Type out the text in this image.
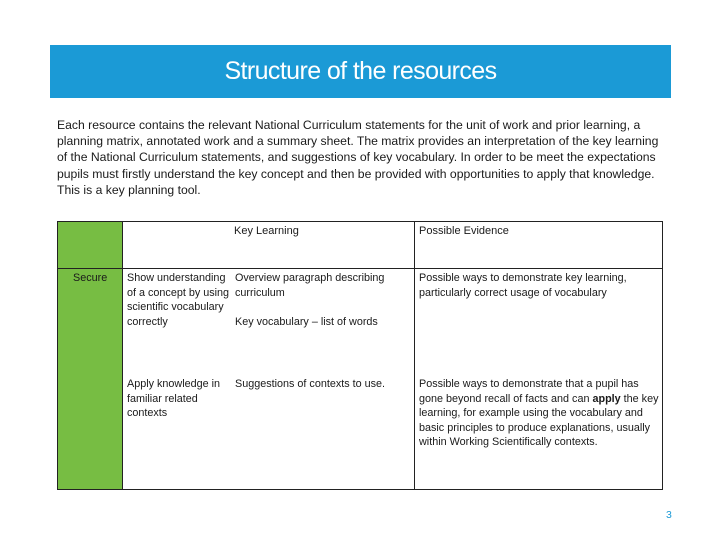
Structure of the resources

Each resource contains the relevant National Curriculum statements for the unit of work and prior learning, a planning matrix, annotated work and a summary sheet. The matrix provides an interpretation of the key learning of the National Curriculum statements, and suggestions of key vocabulary. In order to be meet the expectations pupils must firstly understand the key concept and then be provided with opportunities to apply that knowledge. This is a key planning tool.

Secure
Key Learning	Possible Evidence

Show understanding of a concept by using scientific vocabulary correctly

Overview paragraph describing curriculum

Key vocabulary – list of words

Possible ways to demonstrate key learning, particularly correct usage of vocabulary

Apply knowledge in familiar related contexts

Suggestions of contexts to use.	Possible ways to demonstrate that a pupil has gone beyond recall of facts and can apply the key learning, for example using the vocabulary and basic principles to produce explanations, usually within Working Scientifically contexts.

3
